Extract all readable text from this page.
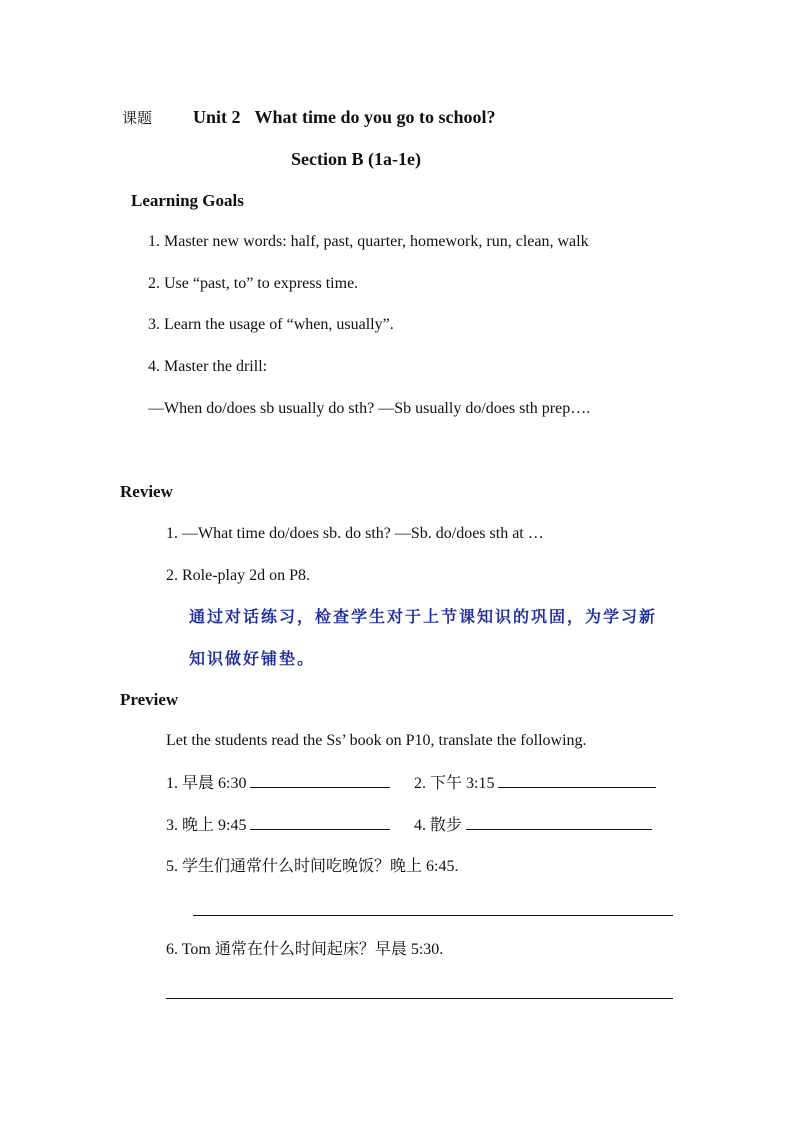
课题 Unit 2 What time do you go to school?
Section B (1a-1e)
Learning Goals
1. Master new words: half, past, quarter, homework, run, clean, walk
2. Use “past, to” to express time.
3. Learn the usage of “when, usually”.
4. Master the drill:
—When do/does sb usually do sth? —Sb usually do/does sth prep….
Review
1. —What time do/does sb. do sth? —Sb. do/does sth at …
2. Role-play 2d on P8.
通过对话练习，检查学生对于上节课知识的巩固，为学习新
知识做好铺垫。
Preview
Let the students read the Ss’ book on P10, translate the following.
1. 早晨 6:30	2. 下午 3:15
3. 晚上 9:45	4. 散步
5. 学生们通常什么时间吃晚饭？晚上 6:45.
6. Tom 通常在什么时间起床？早晨 5:30.
